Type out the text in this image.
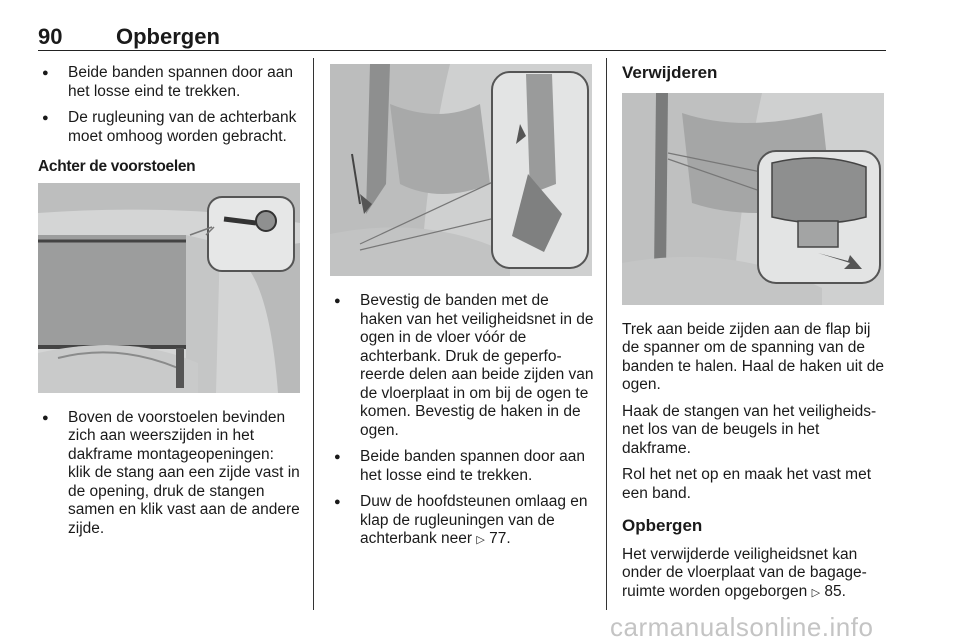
90 Opbergen
● Beide banden spannen door aan het losse eind te trekken.
● De rugleuning van de achterbank moet omhoog worden gebracht.
Achter de voorstoelen
● Boven de voorstoelen bevinden zich aan weerszijden in het dakframe montageopeningen: klik de stang aan een zijde vast in de opening, druk de stangen samen en klik vast aan de andere zijde.
● Bevestig de banden met de haken van het veiligheidsnet in de ogen in de vloer vóór de achterbank. Druk de geperfo-reerde delen aan beide zijden van de vloerplaat in om bij de ogen te komen. Bevestig de haken in de ogen.
● Beide banden spannen door aan het losse eind te trekken.
● Duw de hoofdsteunen omlaag en klap de rugleuningen van de achterbank neer ▷ 77.
Verwijderen

Trek aan beide zijden aan de flap bij de spanner om de spanning van de banden te halen. Haal de haken uit de ogen.

Haak de stangen van het veiligheids-net los van de beugels in het dakframe.

Rol het net op en maak het vast met een band.

Opbergen

Het verwijderde veiligheidsnet kan onder de vloerplaat van de bagage-ruimte worden opgeborgen ▷ 85.

carmanualsonline.info
